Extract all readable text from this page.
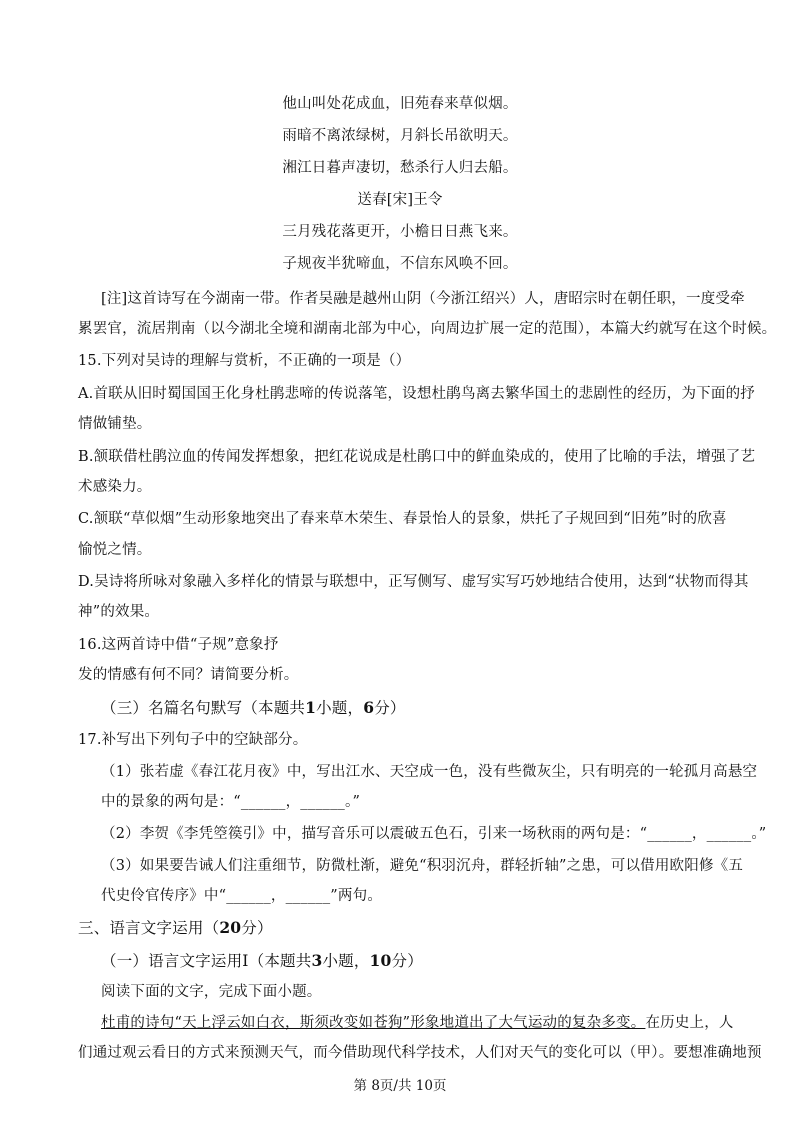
他山叫处花成血，旧苑春来草似烟。
雨暗不离浓绿树，月斜长吊欲明天。
湘江日暮声凄切，愁杀行人归去船。
送春[宋]王令
三月残花落更开，小檐日日燕飞来。
子规夜半犹啼血，不信东风唤不回。
[注]这首诗写在今湖南一带。作者吴融是越州山阴（今浙江绍兴）人，唐昭宗时在朝任职，一度受牵
累罢官，流居荆南（以今湖北全境和湖南北部为中心，向周边扩展一定的范围），本篇大约就写在这个时候。
15.下列对吴诗的理解与赏析，不正确的一项是（）
A.首联从旧时蜀国国王化身杜鹃悲啼的传说落笔，设想杜鹃鸟离去繁华国土的悲剧性的经历，为下面的抒
情做铺垫。
B.颔联借杜鹃泣血的传闻发挥想象，把红花说成是杜鹃口中的鲜血染成的，使用了比喻的手法，增强了艺
术感染力。
C.颔联“草似烟”生动形象地突出了春来草木荣生、春景怡人的景象，烘托了子规回到“旧苑”时的欣喜
愉悦之情。
D.吴诗将所咏对象融入多样化的情景与联想中，正写侧写、虚写实写巧妙地结合使用，达到“状物而得其
神”的效果。
16.这两首诗中借“子规”意象抒
发的情感有何不同？请简要分析。
（三）名篇名句默写（本题共1小题，6分）
17.补写出下列句子中的空缺部分。
（1）张若虚《春江花月夜》中，写出江水、天空成一色，没有些微灰尘，只有明亮的一轮孤月高悬空
中的景象的两句是：“______，______。”
（2）李贺《李凭箜篌引》中，描写音乐可以震破五色石，引来一场秋雨的两句是：“______，______。”
（3）如果要告诫人们注重细节，防微杜渐，避免“积羽沉舟，群轻折轴”之患，可以借用欧阳修《五
代史伶官传序》中“______，______”两句。
三、语言文字运用（20分）
（一）语言文字运用Ⅰ（本题共3小题，10分）
阅读下面的文字，完成下面小题。
杜甫的诗句“天上浮云如白衣，斯须改变如苍狗”形象地道出了大气运动的复杂多变。在历史上，人
们通过观云看日的方式来预测天气，而今借助现代科学技术，人们对天气的变化可以（甲）。要想准确地预
第 8页/共 10页
